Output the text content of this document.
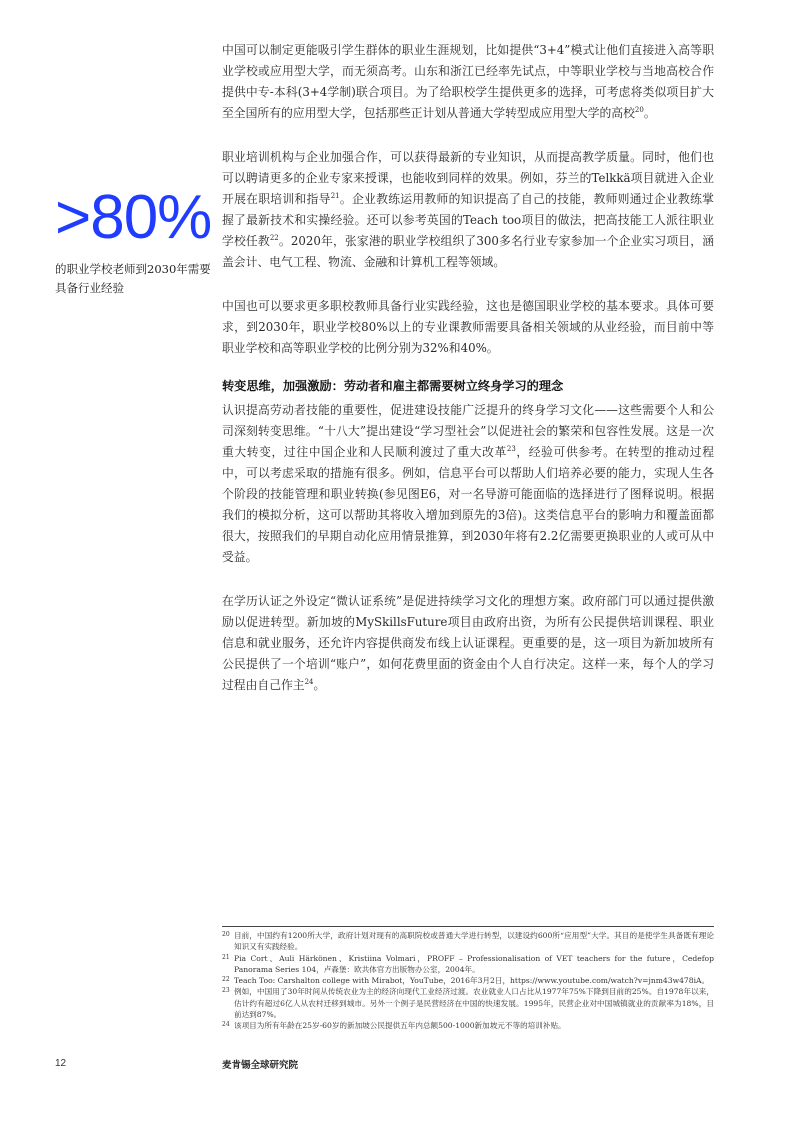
>80%
的职业学校老师到2030年需要具备行业经验

中国可以制定更能吸引学生群体的职业生涯规划，比如提供“3+4”模式让他们直接进入高等职业学校或应用型大学，而无须高考。山东和浙江已经率先试点，中等职业学校与当地高校合作提供中专-本科(3+4学制)联合项目。为了给职校学生提供更多的选择，可考虑将类似项目扩大至全国所有的应用型大学，包括那些正计划从普通大学转型成应用型大学的高校$^{20}$。

职业培训机构与企业加强合作，可以获得最新的专业知识，从而提高教学质量。同时，他们也可以聘请更多的企业专家来授课，也能收到同样的效果。例如，芬兰的Telkkä项目就进入企业开展在职培训和指导$^{21}$。企业教练运用教师的知识提高了自己的技能，教师则通过企业教练掌握了最新技术和实操经验。还可以参考英国的Teach too项目的做法，把高技能工人派往职业学校任教$^{22}$。2020年，张家港的职业学校组织了300多名行业专家参加一个企业实习项目，涵盖会计、电气工程、物流、金融和计算机工程等领域。

中国也可以要求更多职校教师具备行业实践经验，这也是德国职业学校的基本要求。具体可要求，到2030年，职业学校80%以上的专业课教师需要具备相关领域的从业经验，而目前中等职业学校和高等职业学校的比例分别为32%和40%。

转变思维，加强激励：劳动者和雇主都需要树立终身学习的理念

认识提高劳动者技能的重要性，促进建设技能广泛提升的终身学习文化——这些需要个人和公司深刻转变思维。“十八大”提出建设“学习型社会”以促进社会的繁荣和包容性发展。这是一次重大转变，过往中国企业和人民顺利渡过了重大改革$^{23}$，经验可供参考。在转型的推动过程中，可以考虑采取的措施有很多。例如，信息平台可以帮助人们培养必要的能力，实现人生各个阶段的技能管理和职业转换(参见图E6，对一名导游可能面临的选择进行了图释说明。根据我们的模拟分析，这可以帮助其将收入增加到原先的3倍)。这类信息平台的影响力和覆盖面都很大，按照我们的早期自动化应用情景推算，到2030年将有2.2亿需要更换职业的人或可从中受益。

在学历认证之外设定“微认证系统”是促进持续学习文化的理想方案。政府部门可以通过提供激励以促进转型。新加坡的MySkillsFuture项目由政府出资，为所有公民提供培训课程、职业信息和就业服务，还允许内容提供商发布线上认证课程。更重要的是，这一项目为新加坡所有公民提供了一个培训“账户”，如何花费里面的资金由个人自行决定。这样一来，每个人的学习过程由自己作主$^{24}$。

20 目前，中国约有1200所大学，政府计划对现有的高职院校或普通大学进行转型，以建设约600所“应用型”大学。其目的是使学生具备既有理论知识又有实践经验。
21 Pia Cort、Auli Härkönen、Kristiina Volmari，PROFF – Professionalisation of VET teachers for the future，Cedefop Panorama Series 104，卢森堡：欧共体官方出版物办公室，2004年。
22 Teach Too: Carshalton college with Mirabot，YouTube，2016年3月2日，https://www.youtube.com/watch?v=jnm43w478iA。
23 例如，中国用了30年时间从传统农业为主的经济向现代工业经济过渡。农业就业人口占比从1977年75%下降到目前的25%。自1978年以来，估计约有超过6亿人从农村迁移到城市。另外一个例子是民营经济在中国的快速发展。1995年，民营企业对中国城镇就业的贡献率为18%，目前达到87%。
24 该项目为所有年龄在25岁-60岁的新加坡公民提供五年内总额500-1000新加坡元不等的培训补贴。
12	麦肯锡全球研究院
